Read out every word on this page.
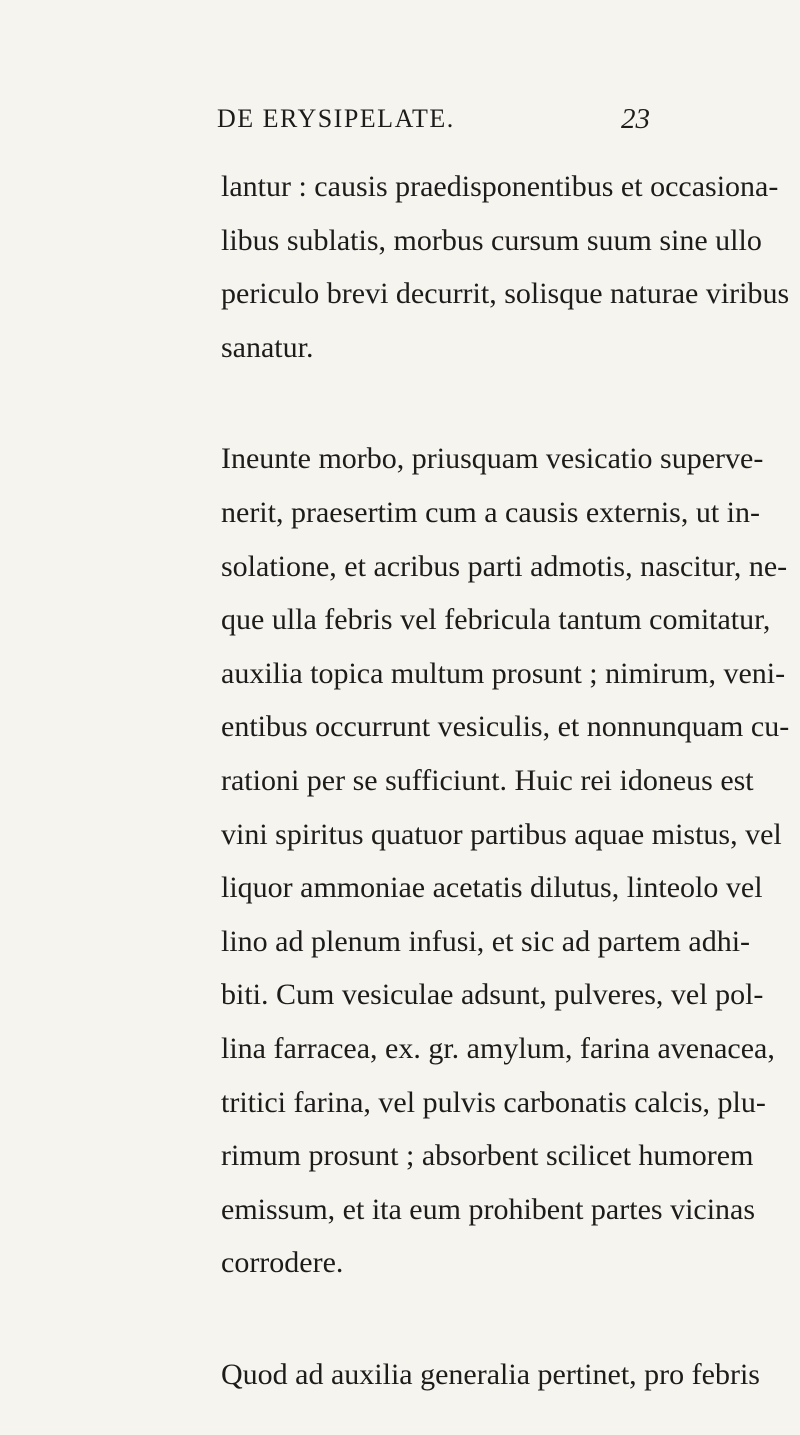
DE ERYSIPELATE.	23
lantur : causis praedisponentibus et occasiona-
libus sublatis, morbus cursum suum sine ullo
periculo brevi decurrit, solisque naturae viribus
sanatur.
Ineunte morbo, priusquam vesicatio superve-
nerit, praesertim cum a causis externis, ut in-
solatione, et acribus parti admotis, nascitur, ne-
que ulla febris vel febricula tantum comitatur,
auxilia topica multum prosunt ; nimirum, veni-
entibus occurrunt vesiculis, et nonnunquam cu-
rationi per se sufficiunt. Huic rei idoneus est
vini spiritus quatuor partibus aquae mistus, vel
liquor ammoniae acetatis dilutus, linteolo vel
lino ad plenum infusi, et sic ad partem adhi-
biti. Cum vesiculae adsunt, pulveres, vel pol-
lina farracea, ex. gr. amylum, farina avenacea,
tritici farina, vel pulvis carbonatis calcis, plu-
rimum prosunt ; absorbent scilicet humorem
emissum, et ita eum prohibent partes vicinas
corrodere.
Quod ad auxilia generalia pertinet, pro febris
